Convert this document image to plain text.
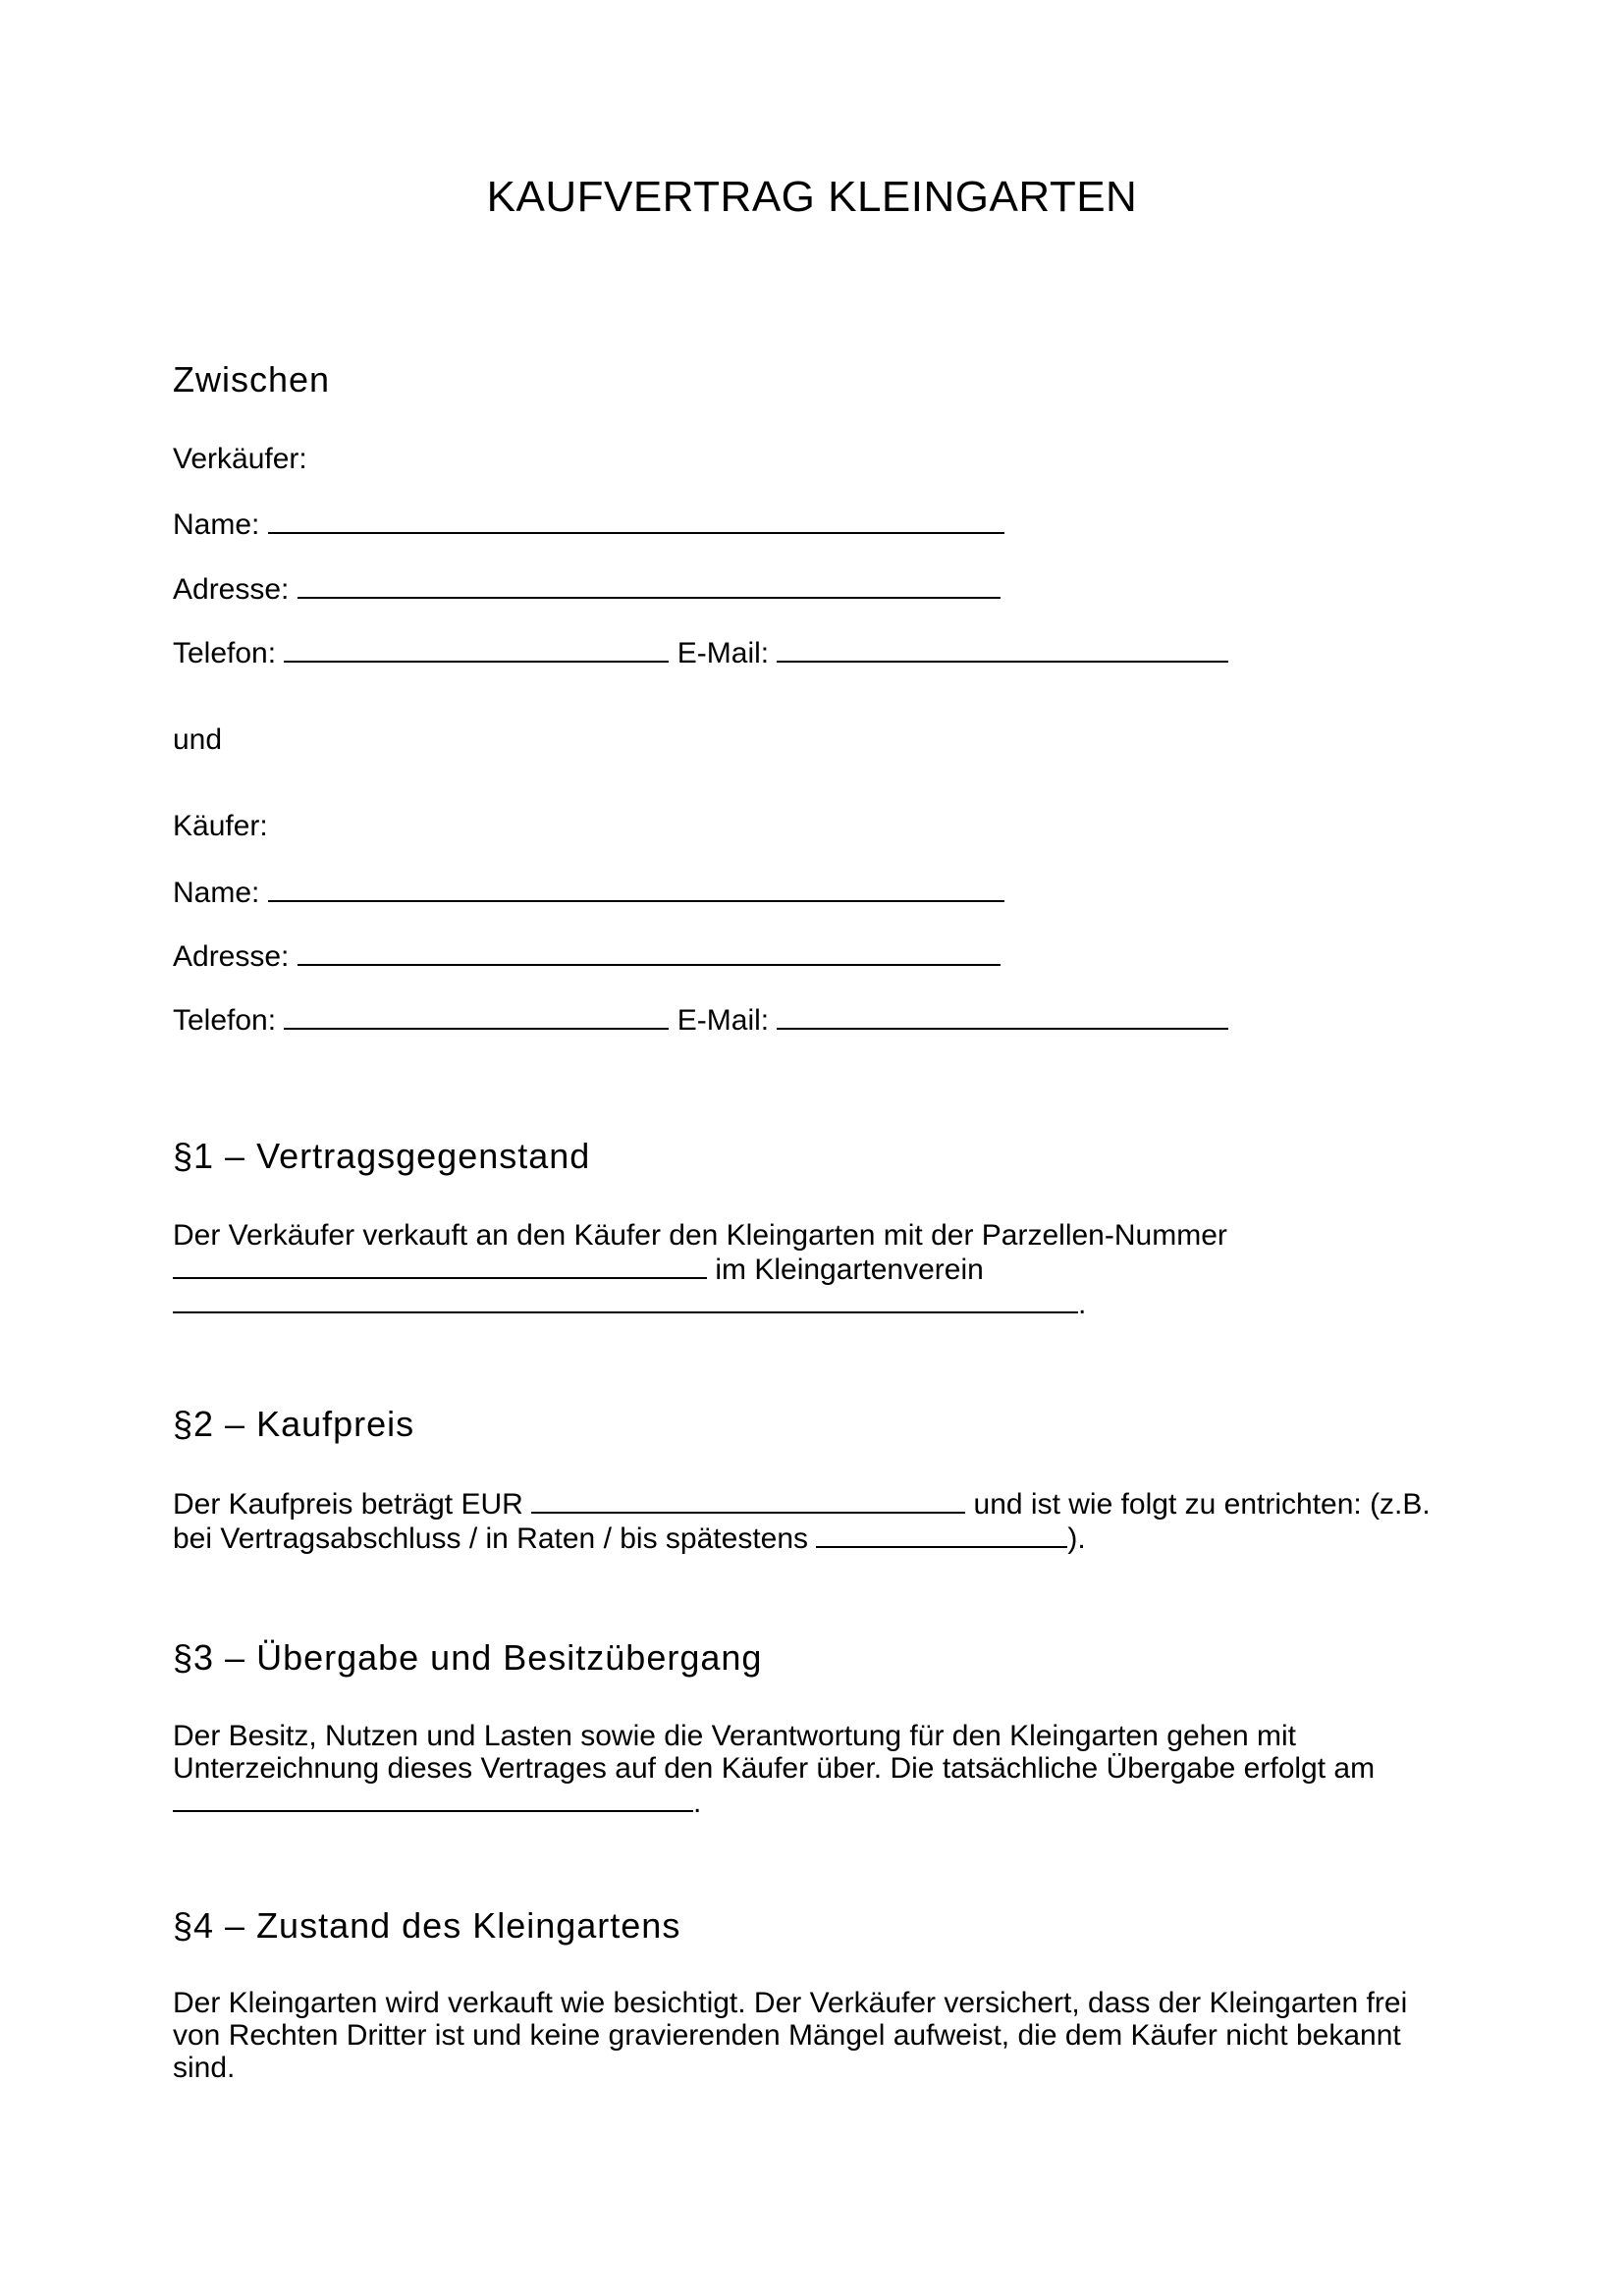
KAUFVERTRAG KLEINGARTEN
Zwischen
Verkäufer:
Name:
Adresse:
Telefon:	E-Mail:
und
Käufer:
Name:
Adresse:
Telefon:	E-Mail:
§1 – Vertragsgegenstand
Der Verkäufer verkauft an den Käufer den Kleingarten mit der Parzellen-Nummer
im Kleingartenverein
.
§2 – Kaufpreis
Der Kaufpreis beträgt EUR	und ist wie folgt zu entrichten: (z.B.
bei Vertragsabschluss / in Raten / bis spätestens	).
§3 – Übergabe und Besitzübergang
Der Besitz, Nutzen und Lasten sowie die Verantwortung für den Kleingarten gehen mit
Unterzeichnung dieses Vertrages auf den Käufer über. Die tatsächliche Übergabe erfolgt am
.
§4 – Zustand des Kleingartens
Der Kleingarten wird verkauft wie besichtigt. Der Verkäufer versichert, dass der Kleingarten frei
von Rechten Dritter ist und keine gravierenden Mängel aufweist, die dem Käufer nicht bekannt
sind.
